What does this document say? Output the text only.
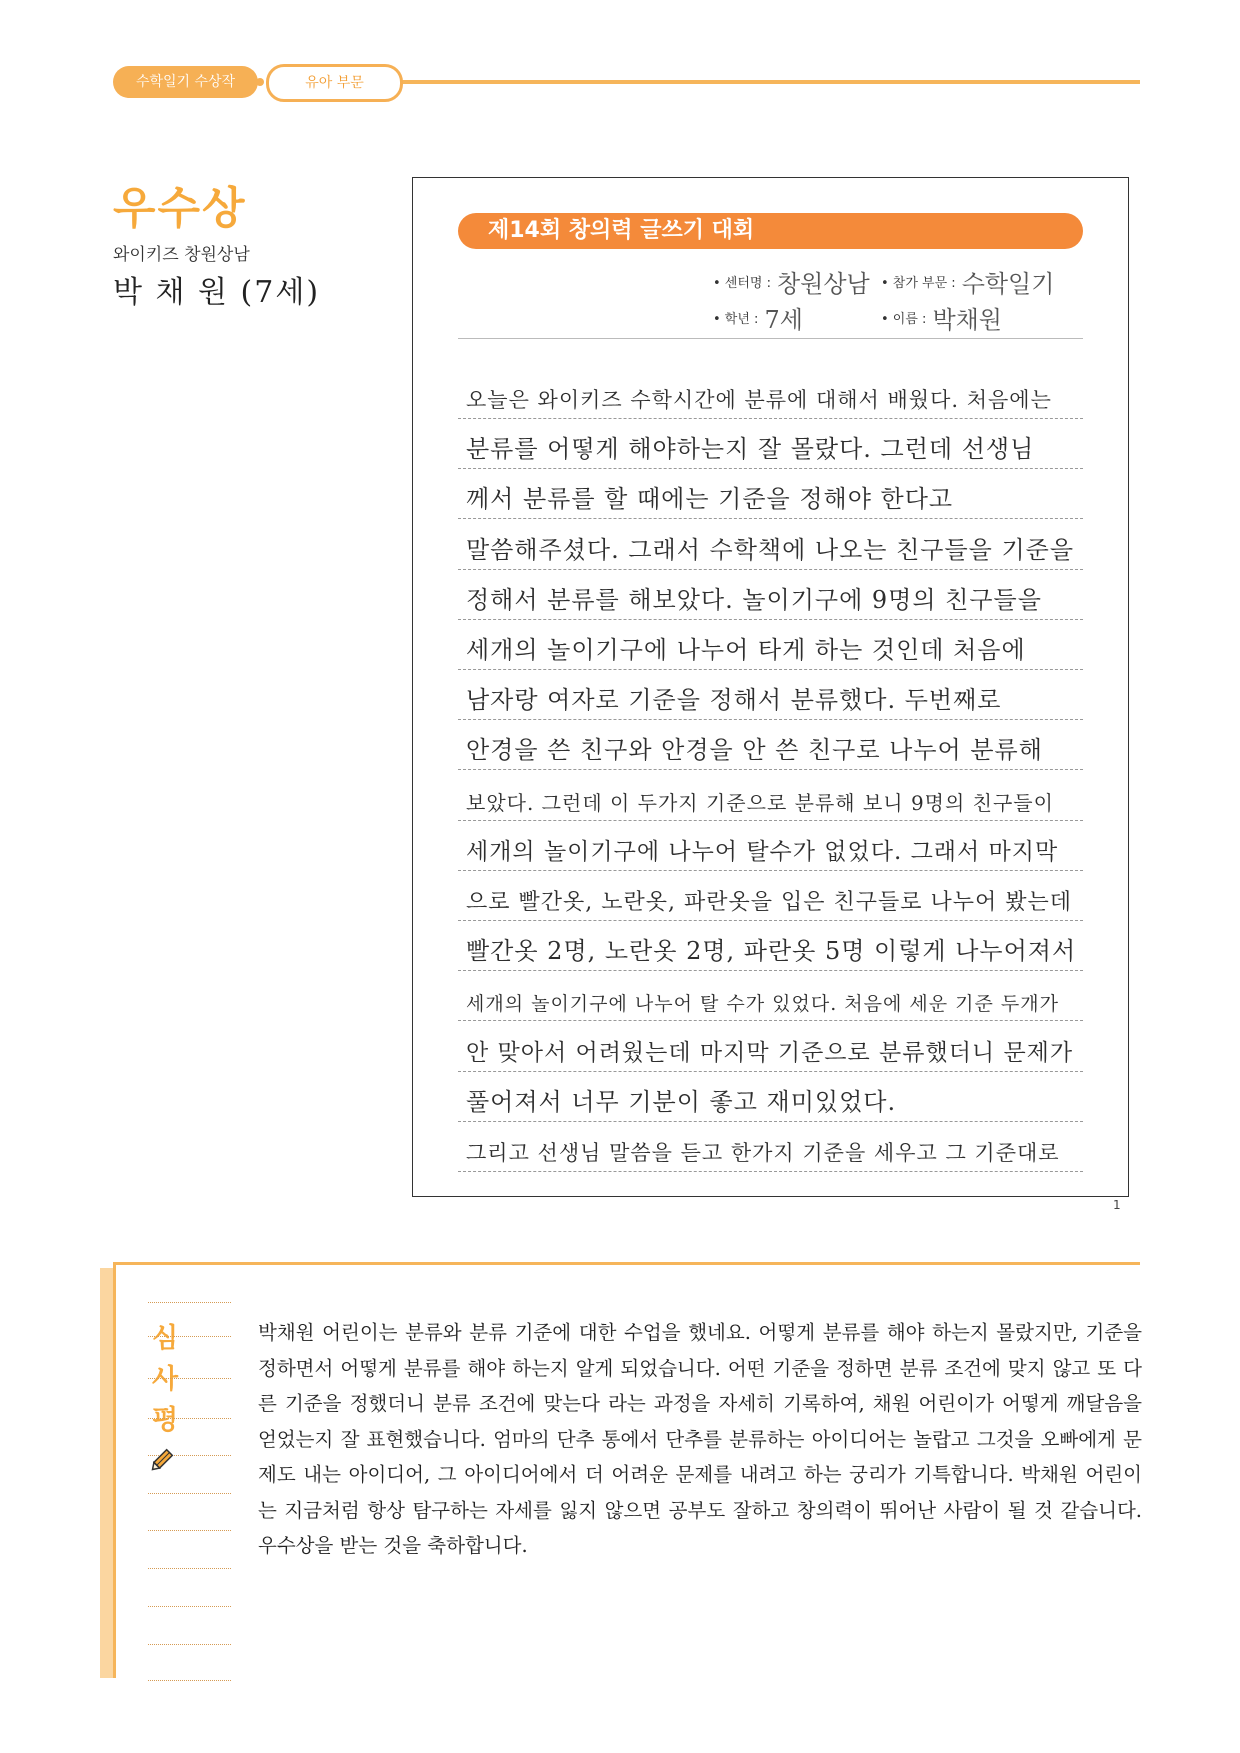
수학일기 수상작	유아 부문
우수상
와이키즈 창원상남
박 채 원 (7세)
제14회 창의력 글쓰기 대회
• 센터명 : 창원상남 • 참가 부문 : 수학일기
• 학년 : 7세	• 이름 : 박채원
오늘은 와이키즈 수학시간에 분류에 대해서 배웠다. 처음에는
분류를 어떻게 해야하는지 잘 몰랐다. 그런데 선생님
께서 분류를 할 때에는 기준을 정해야 한다고
말씀해주셨다. 그래서 수학책에 나오는 친구들을 기준을
정해서 분류를 해보았다. 놀이기구에 9명의 친구들을
세개의 놀이기구에 나누어 타게 하는 것인데 처음에
남자랑 여자로 기준을 정해서 분류했다. 두번째로
안경을 쓴 친구와 안경을 안 쓴 친구로 나누어 분류해
보았다. 그런데 이 두가지 기준으로 분류해 보니 9명의 친구들이
세개의 놀이기구에 나누어 탈수가 없었다. 그래서 마지막
으로 빨간옷, 노란옷, 파란옷을 입은 친구들로 나누어 봤는데
빨간옷 2명, 노란옷 2명, 파란옷 5명 이렇게 나누어져서
세개의 놀이기구에 나누어 탈 수가 있었다. 처음에 세운 기준 두개가
안 맞아서 어려웠는데 마지막 기준으로 분류했더니 문제가
풀어져서 너무 기분이 좋고 재미있었다.
그리고 선생님 말씀을 듣고 한가지 기준을 세우고 그 기준대로
1
심
사
평

박채원 어린이는 분류와 분류 기준에 대한 수업을 했네요. 어떻게 분류를 해야 하는지 몰랐지만, 기준을 정하면서 어떻게 분류를 해야 하는지 알게 되었습니다. 어떤 기준을 정하면 분류 조건에 맞지 않고 또 다른 기준을 정했더니 분류 조건에 맞는다 라는 과정을 자세히 기록하여, 채원 어린이가 어떻게 깨달음을 얻었는지 잘 표현했습니다. 엄마의 단추 통에서 단추를 분류하는 아이디어는 놀랍고 그것을 오빠에게 문제도 내는 아이디어, 그 아이디어에서 더 어려운 문제를 내려고 하는 궁리가 기특합니다. 박채원 어린이는 지금처럼 항상 탐구하는 자세를 잃지 않으면 공부도 잘하고 창의력이 뛰어난 사람이 될 것 같습니다. 우수상을 받는 것을 축하합니다.
